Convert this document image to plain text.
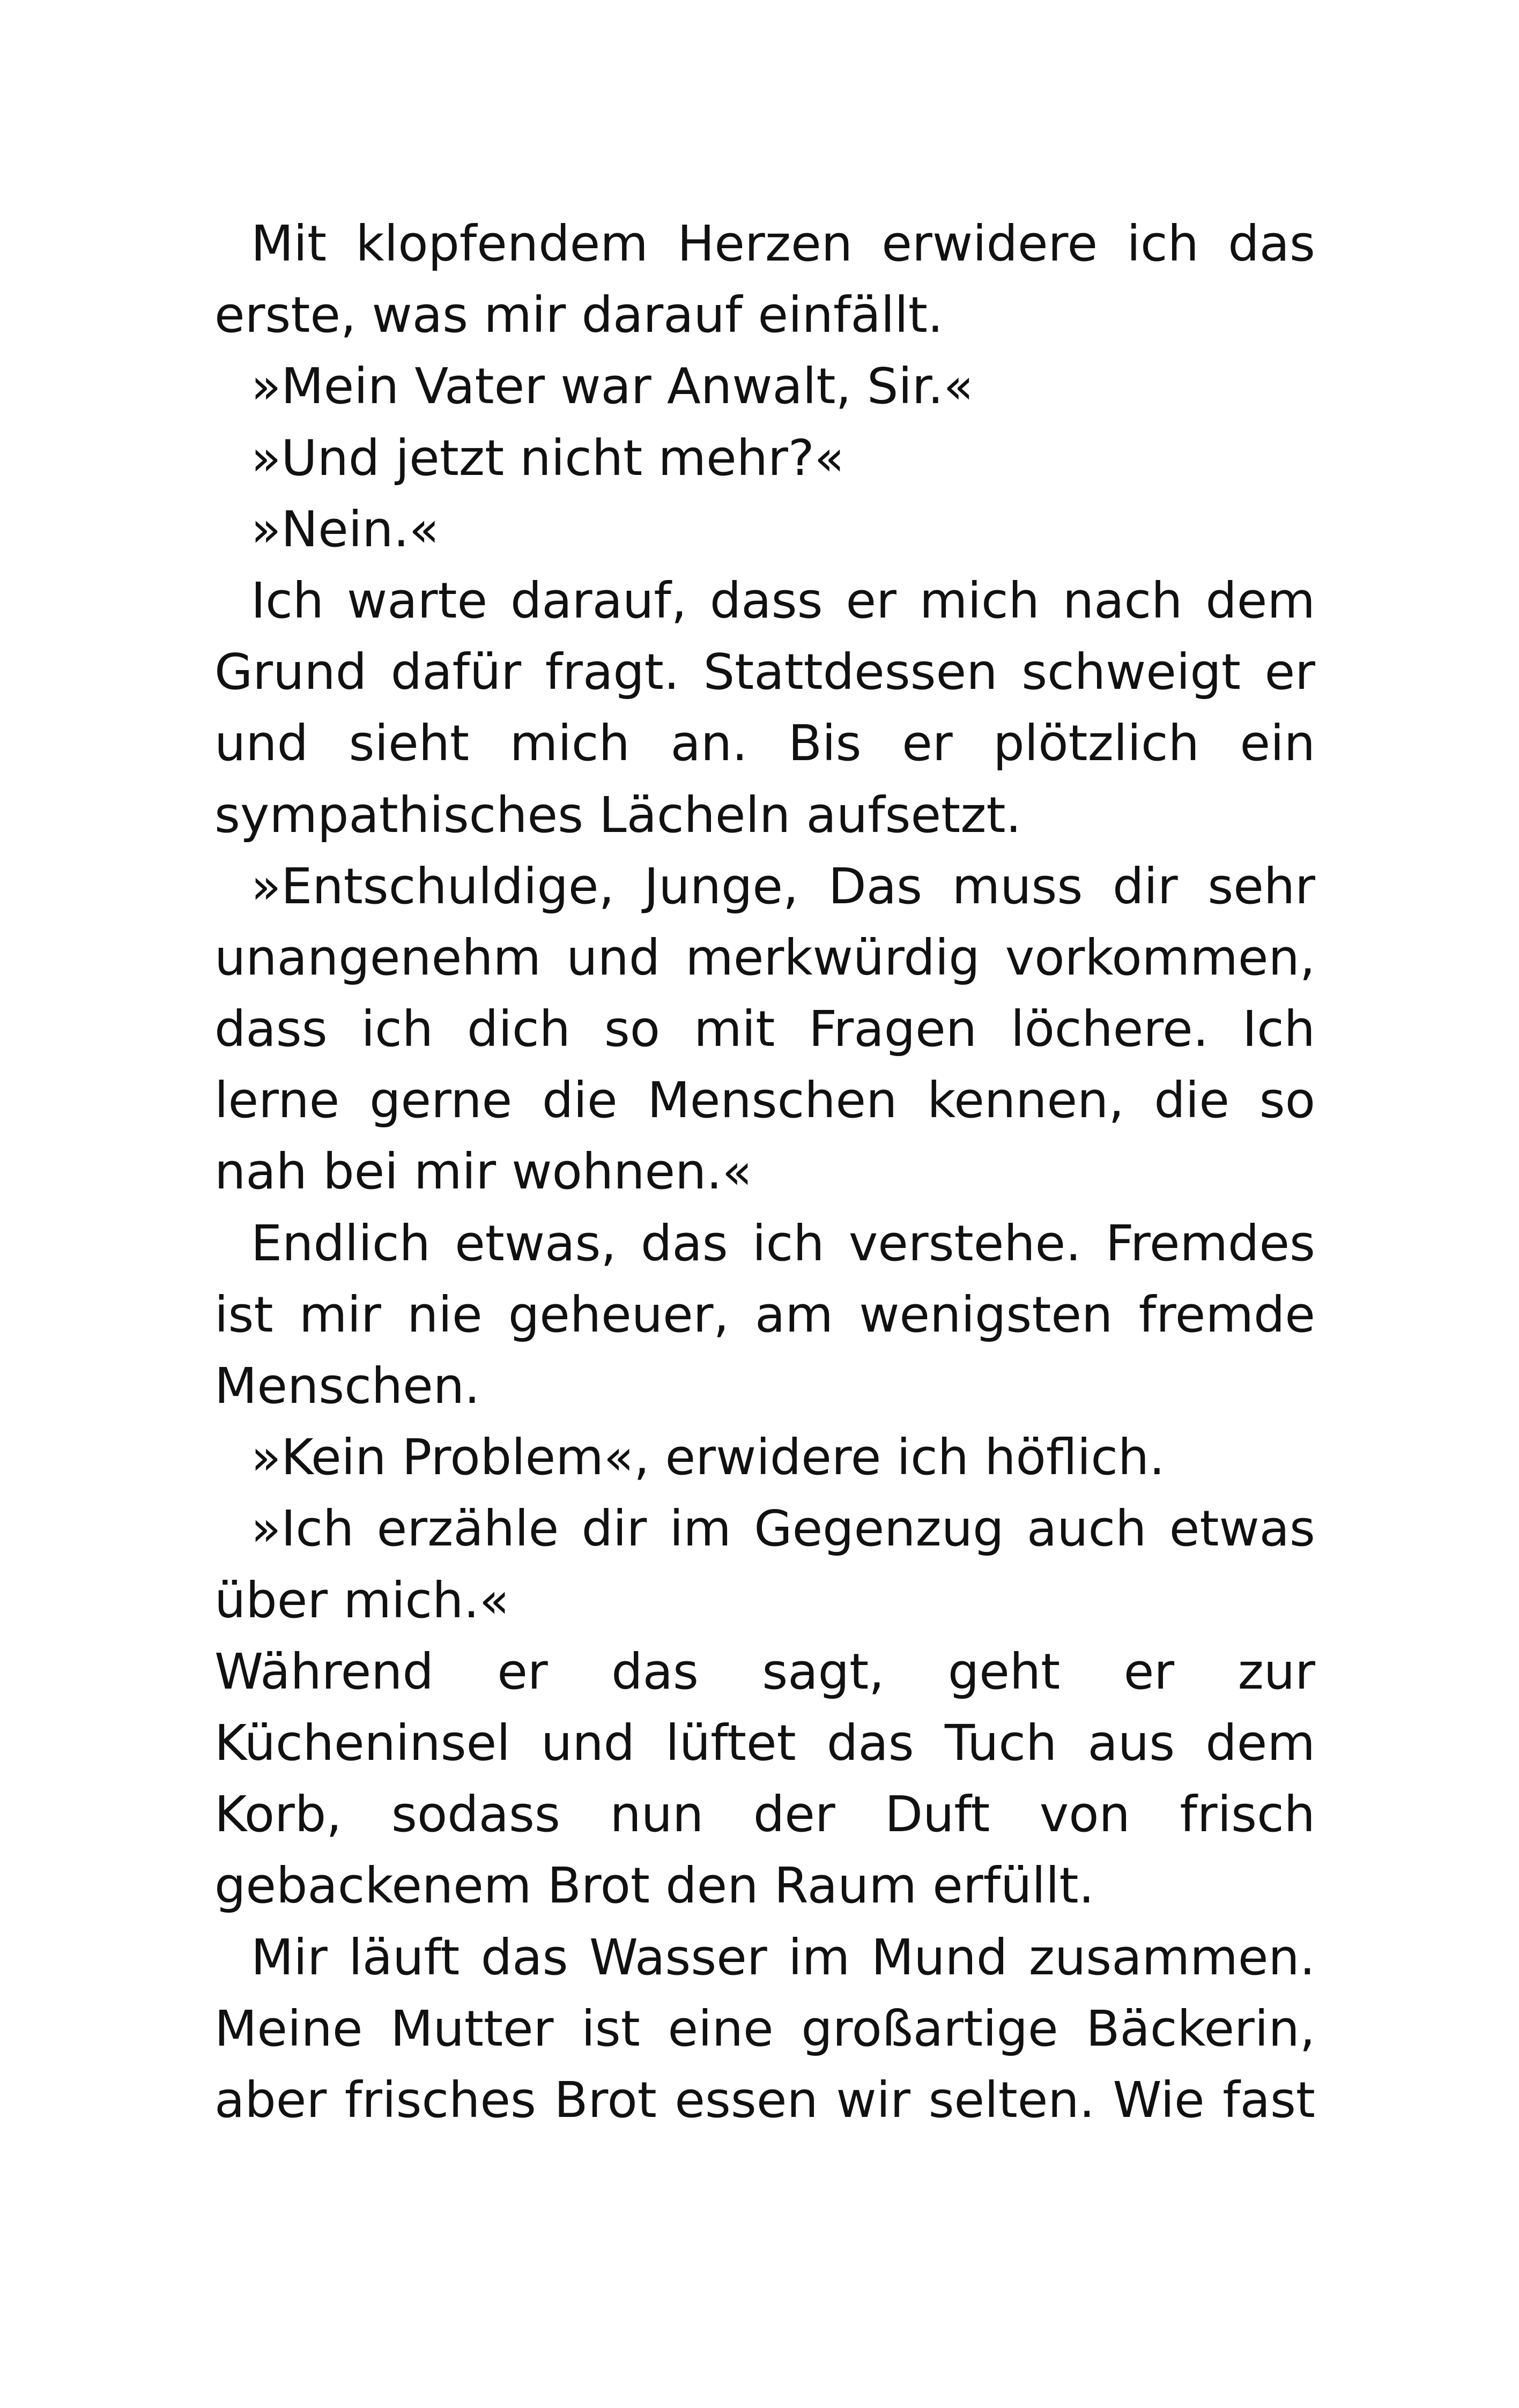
Mit klopfendem Herzen erwidere ich das
erste, was mir darauf einfällt.
»Mein Vater war Anwalt, Sir.«
»Und jetzt nicht mehr?«
»Nein.«
Ich warte darauf, dass er mich nach dem
Grund dafür fragt. Stattdessen schweigt er
und sieht mich an. Bis er plötzlich ein
sympathisches Lächeln aufsetzt.
»Entschuldige, Junge, Das muss dir sehr
unangenehm und merkwürdig vorkommen,
dass ich dich so mit Fragen löchere. Ich
lerne gerne die Menschen kennen, die so
nah bei mir wohnen.«
Endlich etwas, das ich verstehe. Fremdes
ist mir nie geheuer, am wenigsten fremde
Menschen.
»Kein Problem«, erwidere ich höflich.
»Ich erzähle dir im Gegenzug auch etwas
über mich.«
Während er das sagt, geht er zur
Kücheninsel und lüftet das Tuch aus dem
Korb, sodass nun der Duft von frisch
gebackenem Brot den Raum erfüllt.
Mir läuft das Wasser im Mund zusammen.
Meine Mutter ist eine großartige Bäckerin,
aber frisches Brot essen wir selten. Wie fast
